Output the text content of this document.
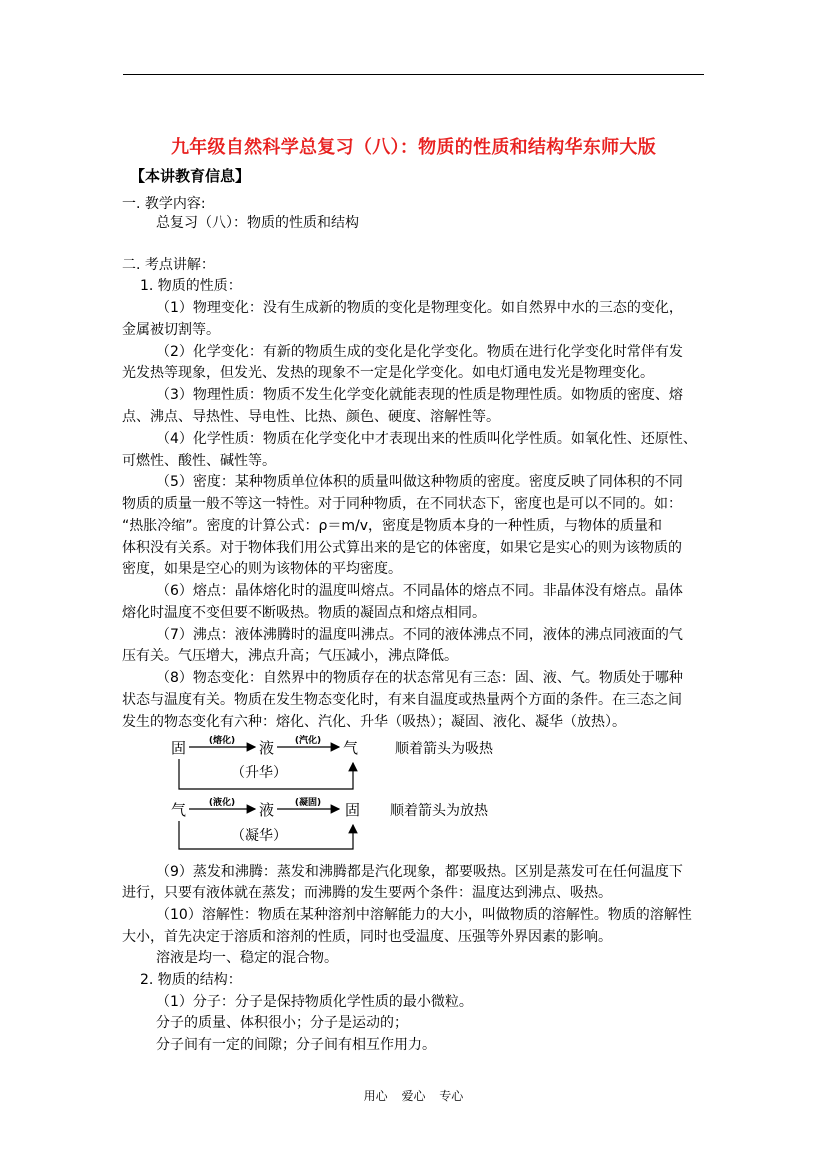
九年级自然科学总复习（八）：物质的性质和结构华东师大版
【本讲教育信息】
一. 教学内容:
总复习（八）：物质的性质和结构
二. 考点讲解：
1. 物质的性质：
（1）物理变化：没有生成新的物质的变化是物理变化。如自然界中水的三态的变化，
金属被切割等。
（2）化学变化：有新的物质生成的变化是化学变化。物质在进行化学变化时常伴有发
光发热等现象，但发光、发热的现象不一定是化学变化。如电灯通电发光是物理变化。
（3）物理性质：物质不发生化学变化就能表现的性质是物理性质。如物质的密度、熔
点、沸点、导热性、导电性、比热、颜色、硬度、溶解性等。
（4）化学性质：物质在化学变化中才表现出来的性质叫化学性质。如氧化性、还原性、
可燃性、酸性、碱性等。
（5）密度：某种物质单位体积的质量叫做这种物质的密度。密度反映了同体积的不同
物质的质量一般不等这一特性。对于同种物质，在不同状态下，密度也是可以不同的。如：
“热胀冷缩”。密度的计算公式：ρ＝m/v，密度是物质本身的一种性质，与物体的质量和
体积没有关系。对于物体我们用公式算出来的是它的体密度，如果它是实心的则为该物质的
密度，如果是空心的则为该物体的平均密度。
（6）熔点：晶体熔化时的温度叫熔点。不同晶体的熔点不同。非晶体没有熔点。晶体
熔化时温度不变但要不断吸热。物质的凝固点和熔点相同。
（7）沸点：液体沸腾时的温度叫沸点。不同的液体沸点不同，液体的沸点同液面的气
压有关。气压增大，沸点升高；气压减小，沸点降低。
（8）物态变化：自然界中的物质存在的状态常见有三态：固、液、气。物质处于哪种
状态与温度有关。物质在发生物态变化时，有来自温度或热量两个方面的条件。在三态之间
发生的物态变化有六种：熔化、汽化、升华（吸热）；凝固、液化、凝华（放热）。
固	(熔化) 液 (汽化) 气	顺着箭头为吸热
（升华）
气	(液化) 液 (凝固) 固 顺着箭头为放热
（凝华）
（9）蒸发和沸腾：蒸发和沸腾都是汽化现象，都要吸热。区别是蒸发可在任何温度下
进行，只要有液体就在蒸发；而沸腾的发生要两个条件：温度达到沸点、吸热。
（10）溶解性：物质在某种溶剂中溶解能力的大小，叫做物质的溶解性。物质的溶解性
大小，首先决定于溶质和溶剂的性质，同时也受温度、压强等外界因素的影响。
溶液是均一、稳定的混合物。
2. 物质的结构：
（1）分子：分子是保持物质化学性质的最小微粒。
分子的质量、体积很小；分子是运动的；
分子间有一定的间隙；分子间有相互作用力。
用心 爱心 专心
